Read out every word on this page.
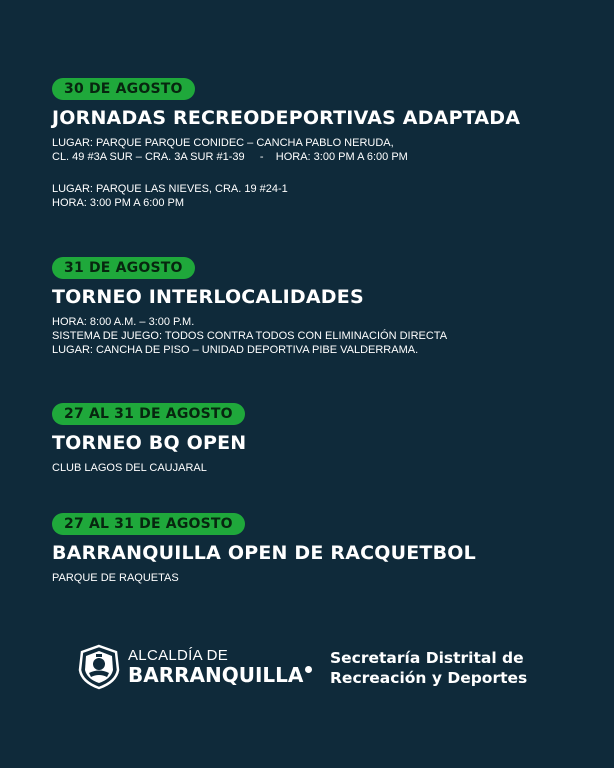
30 DE AGOSTO
JORNADAS RECREODEPORTIVAS ADAPTADA
LUGAR: PARQUE PARQUE CONIDEC – CANCHA PABLO NERUDA,
CL. 49 #3A SUR – CRA. 3A SUR #1-39     -    HORA: 3:00 PM A 6:00 PM
LUGAR: PARQUE LAS NIEVES, CRA. 19 #24-1
HORA: 3:00 PM A 6:00 PM
31 DE AGOSTO
TORNEO INTERLOCALIDADES
HORA: 8:00 A.M. – 3:00 P.M.
SISTEMA DE JUEGO: TODOS CONTRA TODOS CON ELIMINACIÓN DIRECTA
LUGAR: CANCHA DE PISO – UNIDAD DEPORTIVA PIBE VALDERRAMA.
27 AL 31 DE AGOSTO
TORNEO BQ OPEN
CLUB LAGOS DEL CAUJARAL
27 AL 31 DE AGOSTO
BARRANQUILLA OPEN DE RACQUETBOL
PARQUE DE RAQUETAS
ALCALDÍA DE
BARRANQUILLA
Secretaría Distrital de
Recreación y Deportes
